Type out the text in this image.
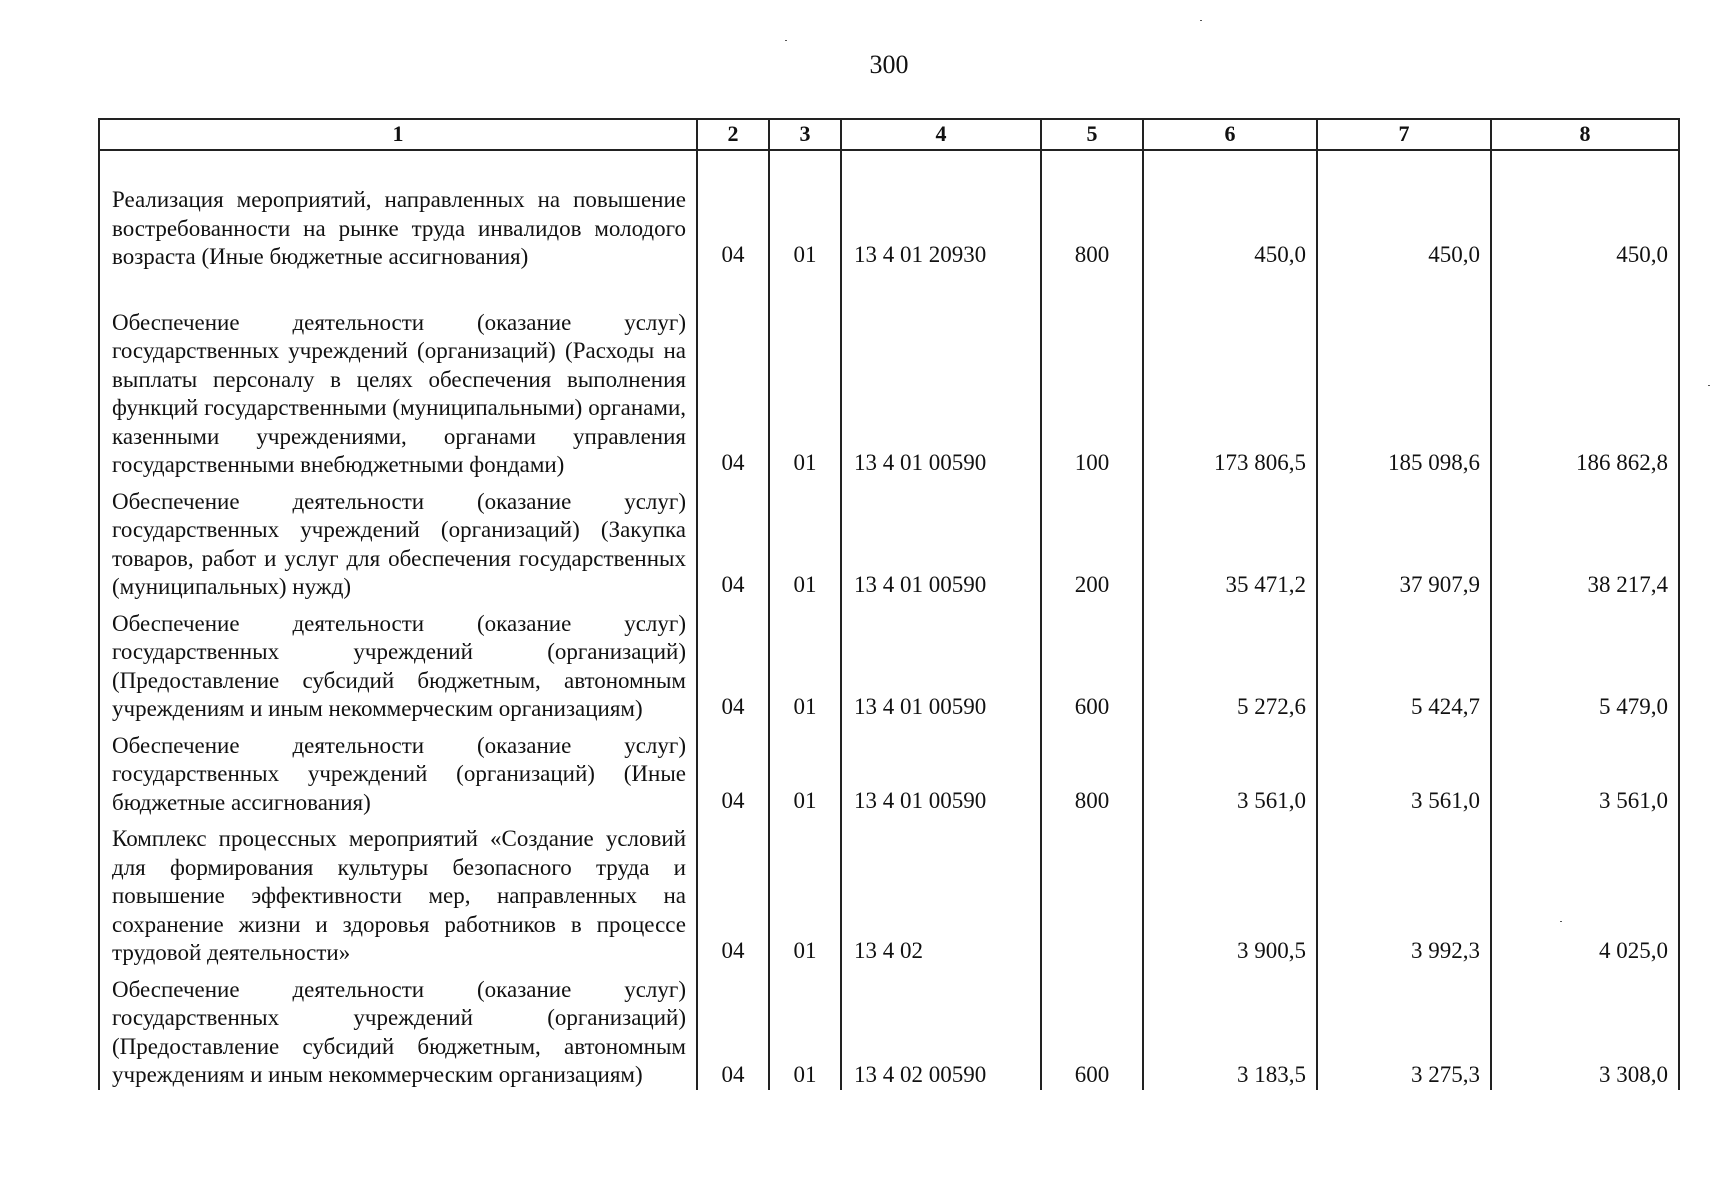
300
1	2	3	4	5	6	7	8
Реализация мероприятий, направленных на повышение востребованности на рынке труда инвалидов молодого возраста (Иные бюджетные ассигнования)	04	01	13 4 01 20930	800	450,0	450,0	450,0
Обеспечение деятельности (оказание услуг) государственных учреждений (организаций) (Расходы на выплаты персоналу в целях обеспечения выполнения функций государственными (муниципальными) органами, казенными учреждениями, органами управления государственными внебюджетными фондами)	04	01	13 4 01 00590	100	173 806,5	185 098,6	186 862,8
Обеспечение деятельности (оказание услуг) государственных учреждений (организаций) (Закупка товаров, работ и услуг для обеспечения государственных (муниципальных) нужд)	04	01	13 4 01 00590	200	35 471,2	37 907,9	38 217,4
Обеспечение деятельности (оказание услуг) государственных учреждений (организаций) (Предоставление субсидий бюджетным, автономным учреждениям и иным некоммерческим организациям)	04	01	13 4 01 00590	600	5 272,6	5 424,7	5 479,0
Обеспечение деятельности (оказание услуг) государственных учреждений (организаций) (Иные бюджетные ассигнования)	04	01	13 4 01 00590	800	3 561,0	3 561,0	3 561,0
Комплекс процессных мероприятий «Создание условий для формирования культуры безопасного труда и повышение эффективности мер, направленных на сохранение жизни и здоровья работников в процессе трудовой деятельности»	04	01	13 4 02		3 900,5	3 992,3	4 025,0
Обеспечение деятельности (оказание услуг) государственных учреждений (организаций) (Предоставление субсидий бюджетным, автономным учреждениям и иным некоммерческим организациям)	04	01	13 4 02 00590	600	3 183,5	3 275,3	3 308,0
